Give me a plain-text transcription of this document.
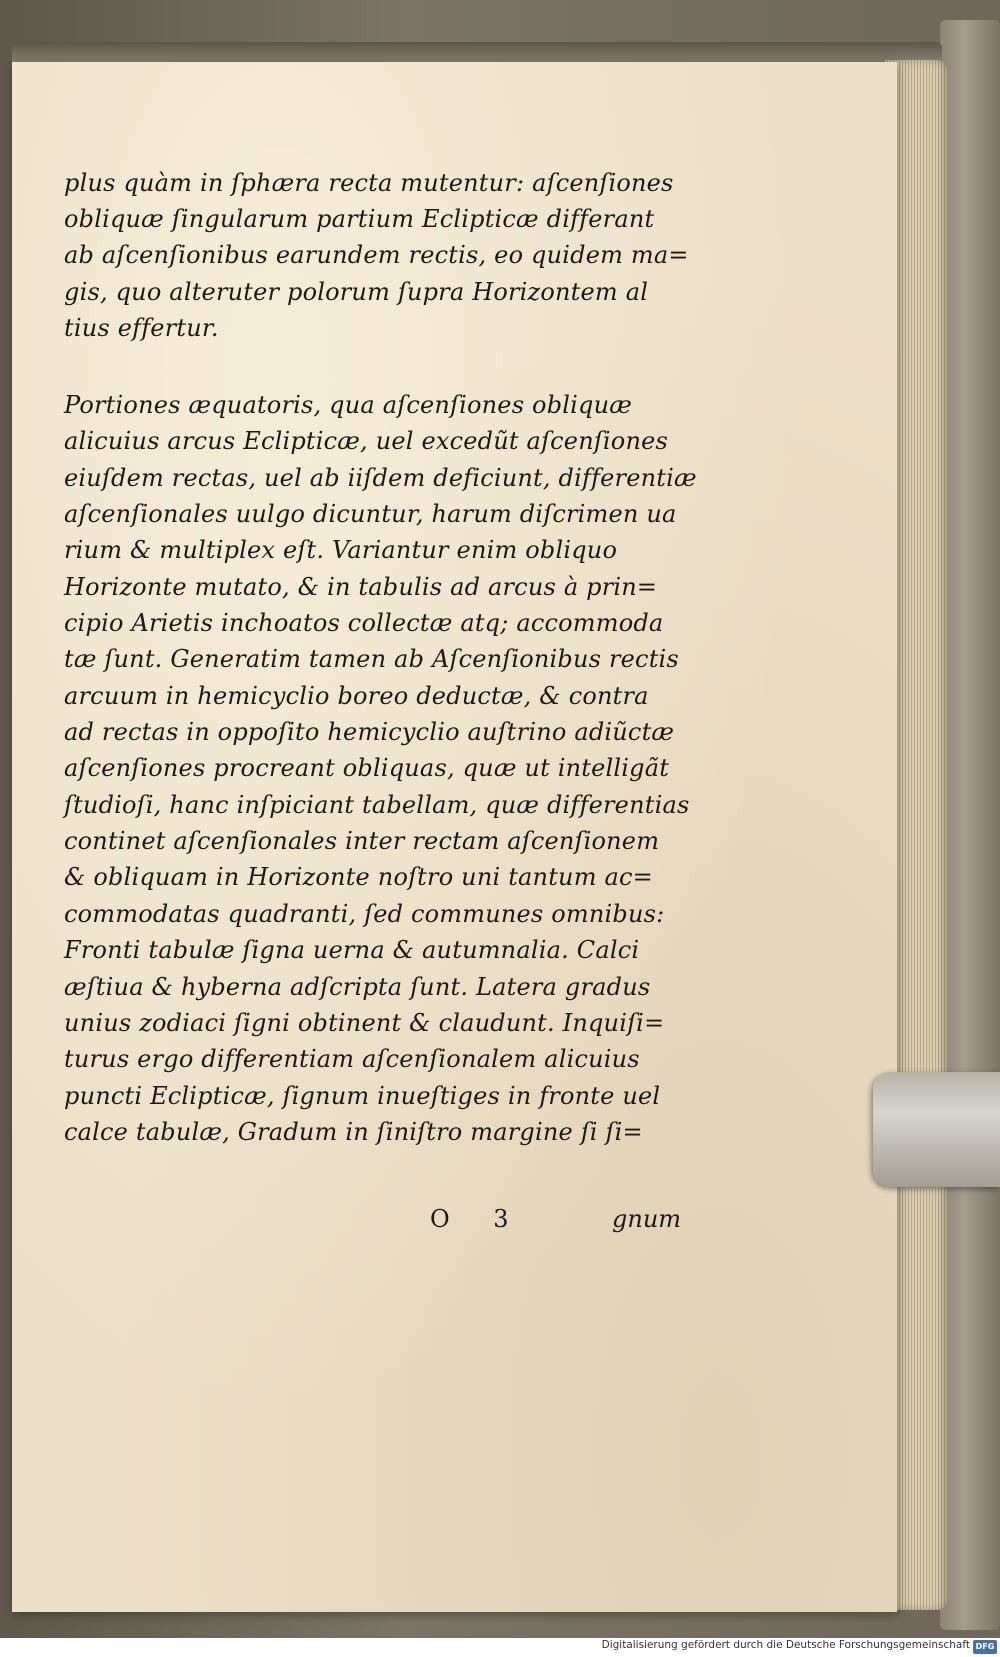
plus quàm in ſphæra recta mutentur: aſcenſiones
obliquæ ſingularum partium Eclipticæ differant
ab aſcenſionibus earundem rectis, eo quidem ma=
gis, quo alteruter polorum ſupra Horizontem al
tius effertur.
Portiones æquatoris, qua aſcenſiones obliquæ
alicuius arcus Eclipticæ, uel excedũt aſcenſiones
eiuſdem rectas, uel ab iiſdem deficiunt, differentiæ
aſcenſionales uulgo dicuntur, harum diſcrimen ua
rium & multiplex eſt. Variantur enim obliquo
Horizonte mutato, & in tabulis ad arcus à prin=
cipio Arietis inchoatos collectæ atq; accommoda
tæ ſunt. Generatim tamen ab Aſcenſionibus rectis
arcuum in hemicyclio boreo deductæ, & contra
ad rectas in oppoſito hemicyclio auſtrino adiũctæ
aſcenſiones procreant obliquas, quæ ut intelligãt
ſtudioſi, hanc inſpiciant tabellam, quæ differentias
continet aſcenſionales inter rectam aſcenſionem
& obliquam in Horizonte noſtro uni tantum ac=
commodatas quadranti, ſed communes omnibus:
Fronti tabulæ ſigna uerna & autumnalia. Calci
æſtiua & hyberna adſcripta ſunt. Latera gradus
unius zodiaci ſigni obtinent & claudunt. Inquiſi=
turus ergo differentiam aſcenſionalem alicuius
puncti Eclipticæ, ſignum inueſtiges in fronte uel
calce tabulæ, Gradum in ſiniſtro margine ſi ſi=
O 3	gnum
Digitalisierung gefördert durch die Deutsche Forschungsgemeinschaft DFG
